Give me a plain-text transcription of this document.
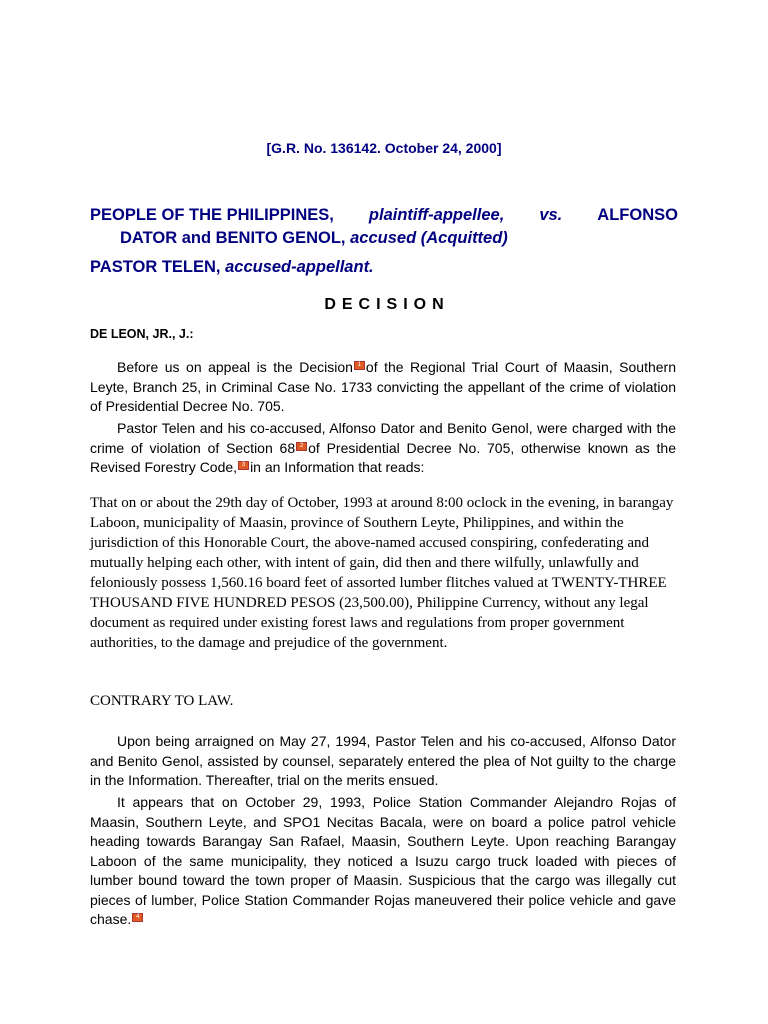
[G.R. No. 136142. October 24, 2000]
PEOPLE OF THE PHILIPPINES, plaintiff-appellee, vs. ALFONSO
DATOR and BENITO GENOL, accused (Acquitted)
PASTOR TELEN, accused-appellant.
DECISION
DE LEON, JR., J.:

Before us on appeal is the Decision 1 of the Regional Trial Court of Maasin, Southern Leyte, Branch 25, in Criminal Case No. 1733 convicting the appellant of the crime of violation of Presidential Decree No. 705.

Pastor Telen and his co-accused, Alfonso Dator and Benito Genol, were charged with the crime of violation of Section 68 2 of Presidential Decree No. 705, otherwise known as the Revised Forestry Code, 3 in an Information that reads:

That on or about the 29th day of October, 1993 at around 8:00 oclock in the evening, in barangay Laboon, municipality of Maasin, province of Southern Leyte, Philippines, and within the jurisdiction of this Honorable Court, the above-named accused conspiring, confederating and mutually helping each other, with intent of gain, did then and there wilfully, unlawfully and feloniously possess 1,560.16 board feet of assorted lumber flitches valued at TWENTY-THREE THOUSAND FIVE HUNDRED PESOS (23,500.00), Philippine Currency, without any legal document as required under existing forest laws and regulations from proper government authorities, to the damage and prejudice of the government.

CONTRARY TO LAW.

Upon being arraigned on May 27, 1994, Pastor Telen and his co-accused, Alfonso Dator and Benito Genol, assisted by counsel, separately entered the plea of Not guilty to the charge in the Information. Thereafter, trial on the merits ensued.

It appears that on October 29, 1993, Police Station Commander Alejandro Rojas of Maasin, Southern Leyte, and SPO1 Necitas Bacala, were on board a police patrol vehicle heading towards Barangay San Rafael, Maasin, Southern Leyte. Upon reaching Barangay Laboon of the same municipality, they noticed a Isuzu cargo truck loaded with pieces of lumber bound toward the town proper of Maasin. Suspicious that the cargo was illegally cut pieces of lumber, Police Station Commander Rojas maneuvered their police vehicle and gave chase. 4
